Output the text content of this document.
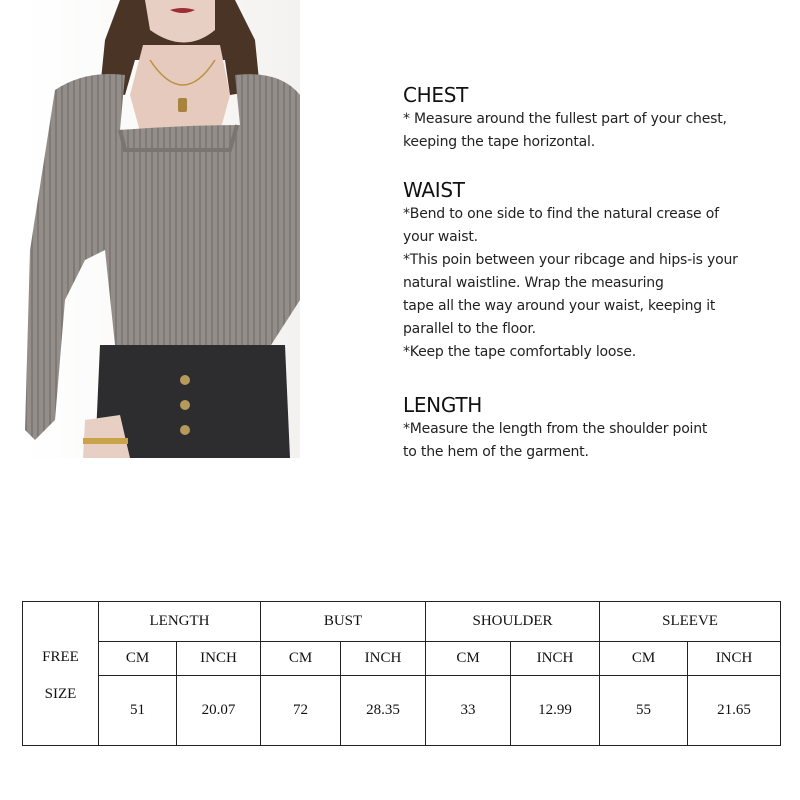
CHEST

* Measure around the fullest part of your chest,

keeping the tape horizontal.

WAIST

*Bend to one side to find the natural crease of

your waist.

*This poin between your ribcage and hips-is your

natural waistline. Wrap the measuring

tape all the way around your waist, keeping it

parallel to the floor.

*Keep the tape comfortably loose.

LENGTH

*Measure the length from the shoulder point

to the hem of the garment.

FREE
SIZE	LENGTH		BUST		SHOULDER		SLEEVE	
	CM	INCH	CM	INCH	CM	INCH	CM	INCH
	51	20.07	72	28.35	33	12.99	55	21.65
